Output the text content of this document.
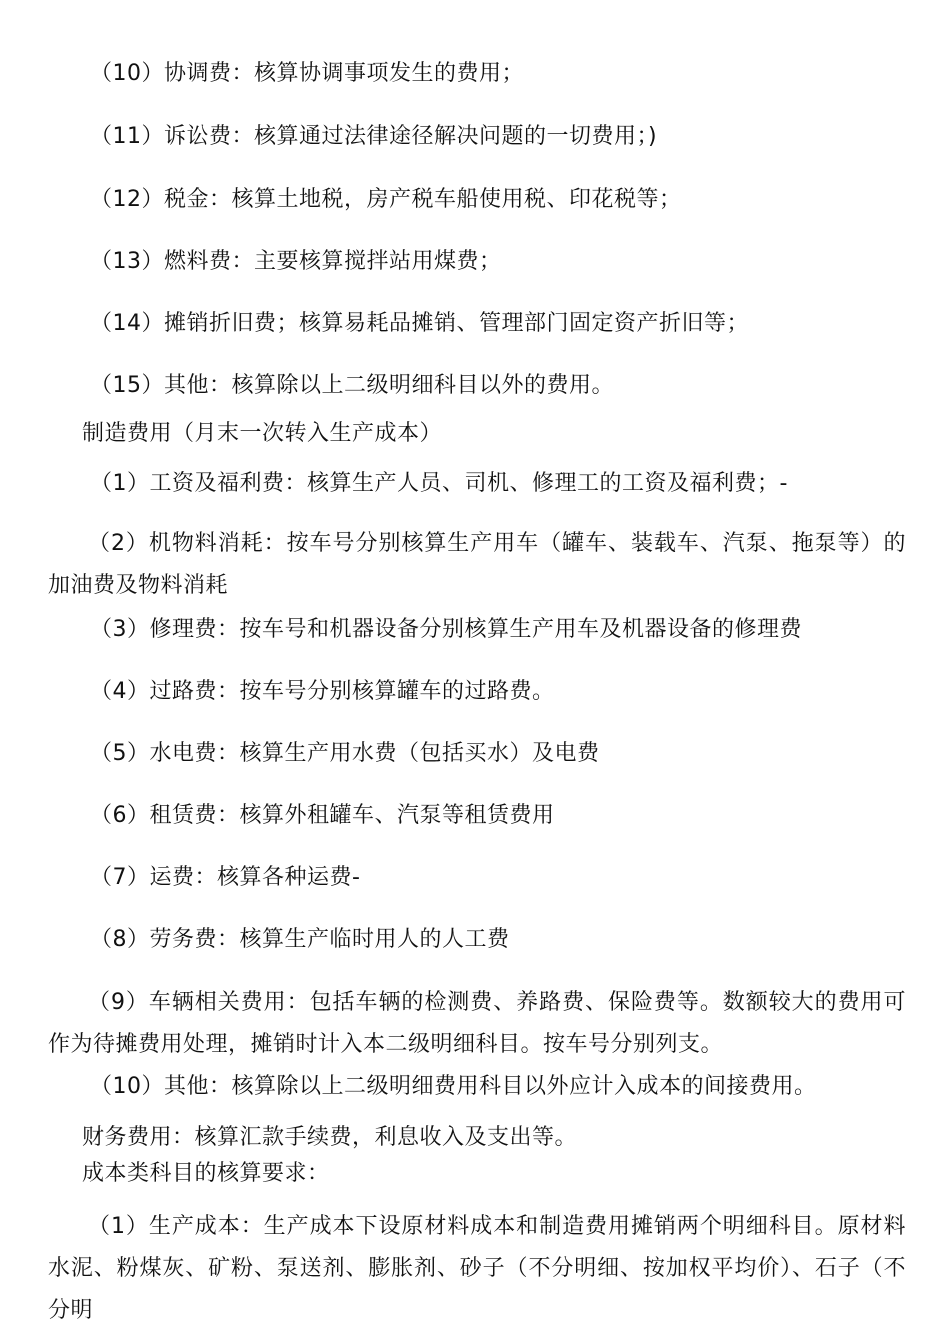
（10）协调费：核算协调事项发生的费用；
（11）诉讼费：核算通过法律途径解决问题的一切费用；)
（12）税金：核算土地税，房产税车船使用税、印花税等；
（13）燃料费：主要核算搅拌站用煤费；
（14）摊销折旧费；核算易耗品摊销、管理部门固定资产折旧等；
（15）其他：核算除以上二级明细科目以外的费用。
制造费用（月末一次转入生产成本）
（1）工资及福利费：核算生产人员、司机、修理工的工资及福利费；-
（2）机物料消耗：按车号分别核算生产用车（罐车、装载车、汽泵、拖泵等）的加油费及物料消耗
（3）修理费：按车号和机器设备分别核算生产用车及机器设备的修理费
（4）过路费：按车号分别核算罐车的过路费。
（5）水电费：核算生产用水费（包括买水）及电费
（6）租赁费：核算外租罐车、汽泵等租赁费用
（7）运费：核算各种运费-
（8）劳务费：核算生产临时用人的人工费
（9）车辆相关费用：包括车辆的检测费、养路费、保险费等。数额较大的费用可作为待摊费用处理，摊销时计入本二级明细科目。按车号分别列支。
（10）其他：核算除以上二级明细费用科目以外应计入成本的间接费用。
财务费用：核算汇款手续费，利息收入及支出等。
成本类科目的核算要求：
（1）生产成本：生产成本下设原材料成本和制造费用摊销两个明细科目。原材料水泥、粉煤灰、矿粉、泵送剂、膨胀剂、砂子（不分明细、按加权平均价）、石子（不分明
